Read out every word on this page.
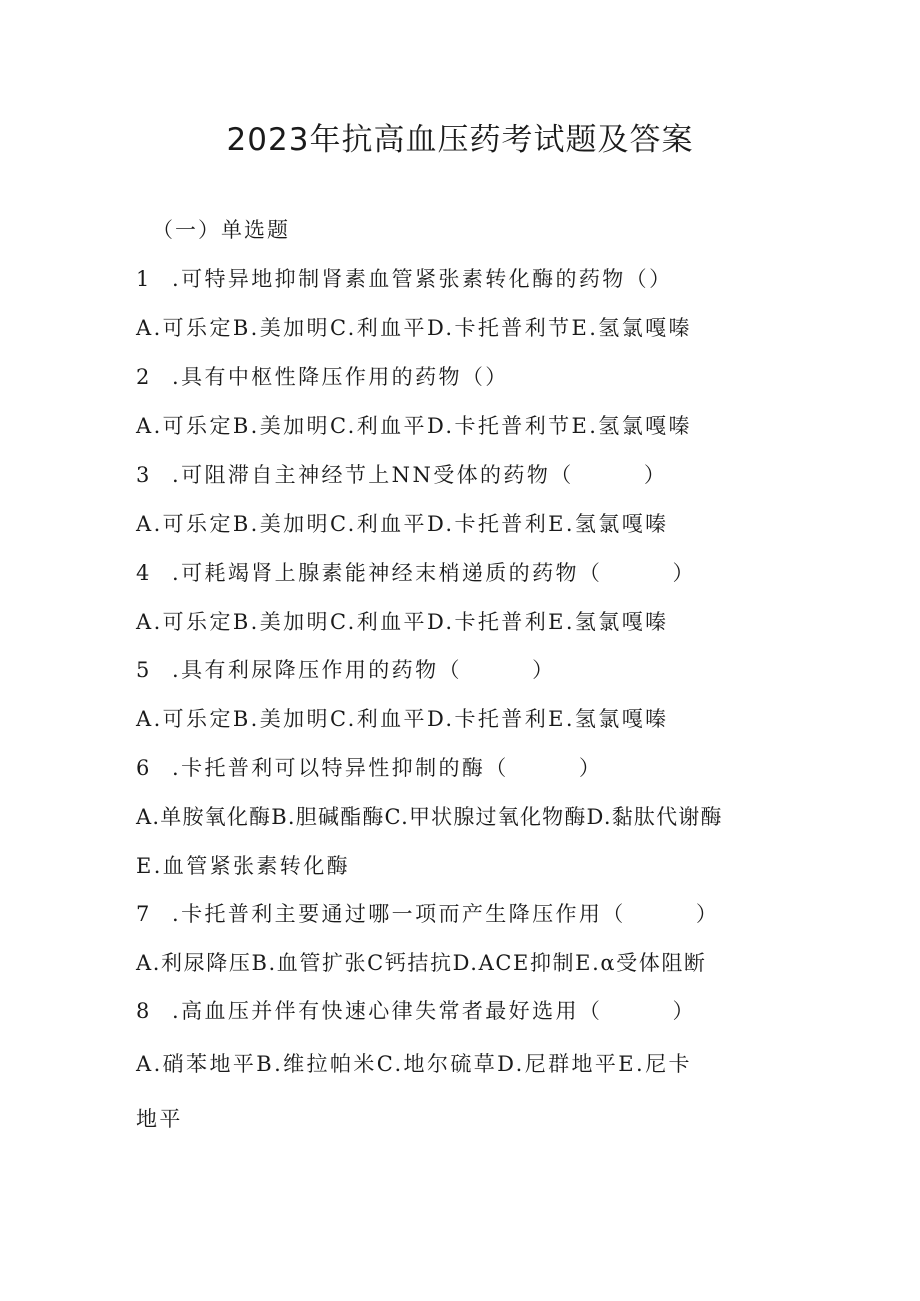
2023年抗高血压药考试题及答案
（一）单选题
1 .可特异地抑制肾素血管紧张素转化酶的药物（）
A.可乐定B.美加明C.利血平D.卡托普利节E.氢氯嘎嗪
2 .具有中枢性降压作用的药物（）
A.可乐定B.美加明C.利血平D.卡托普利节E.氢氯嘎嗪
3 .可阻滞自主神经节上NN受体的药物（　　　）
A.可乐定B.美加明C.利血平D.卡托普利E.氢氯嘎嗪
4 .可耗竭肾上腺素能神经末梢递质的药物（　　　）
A.可乐定B.美加明C.利血平D.卡托普利E.氢氯嘎嗪
5 .具有利尿降压作用的药物（　　　）
A.可乐定B.美加明C.利血平D.卡托普利E.氢氯嘎嗪
6 .卡托普利可以特异性抑制的酶（　　　）
A.单胺氧化酶B.胆碱酯酶C.甲状腺过氧化物酶D.黏肽代谢酶
E.血管紧张素转化酶
7 .卡托普利主要通过哪一项而产生降压作用（　　　）
A.利尿降压B.血管扩张C钙拮抗D.ACE抑制E.α受体阻断
8 .高血压并伴有快速心律失常者最好选用（　　　）
A.硝苯地平B.维拉帕米C.地尔硫草D.尼群地平E.尼卡
地平
